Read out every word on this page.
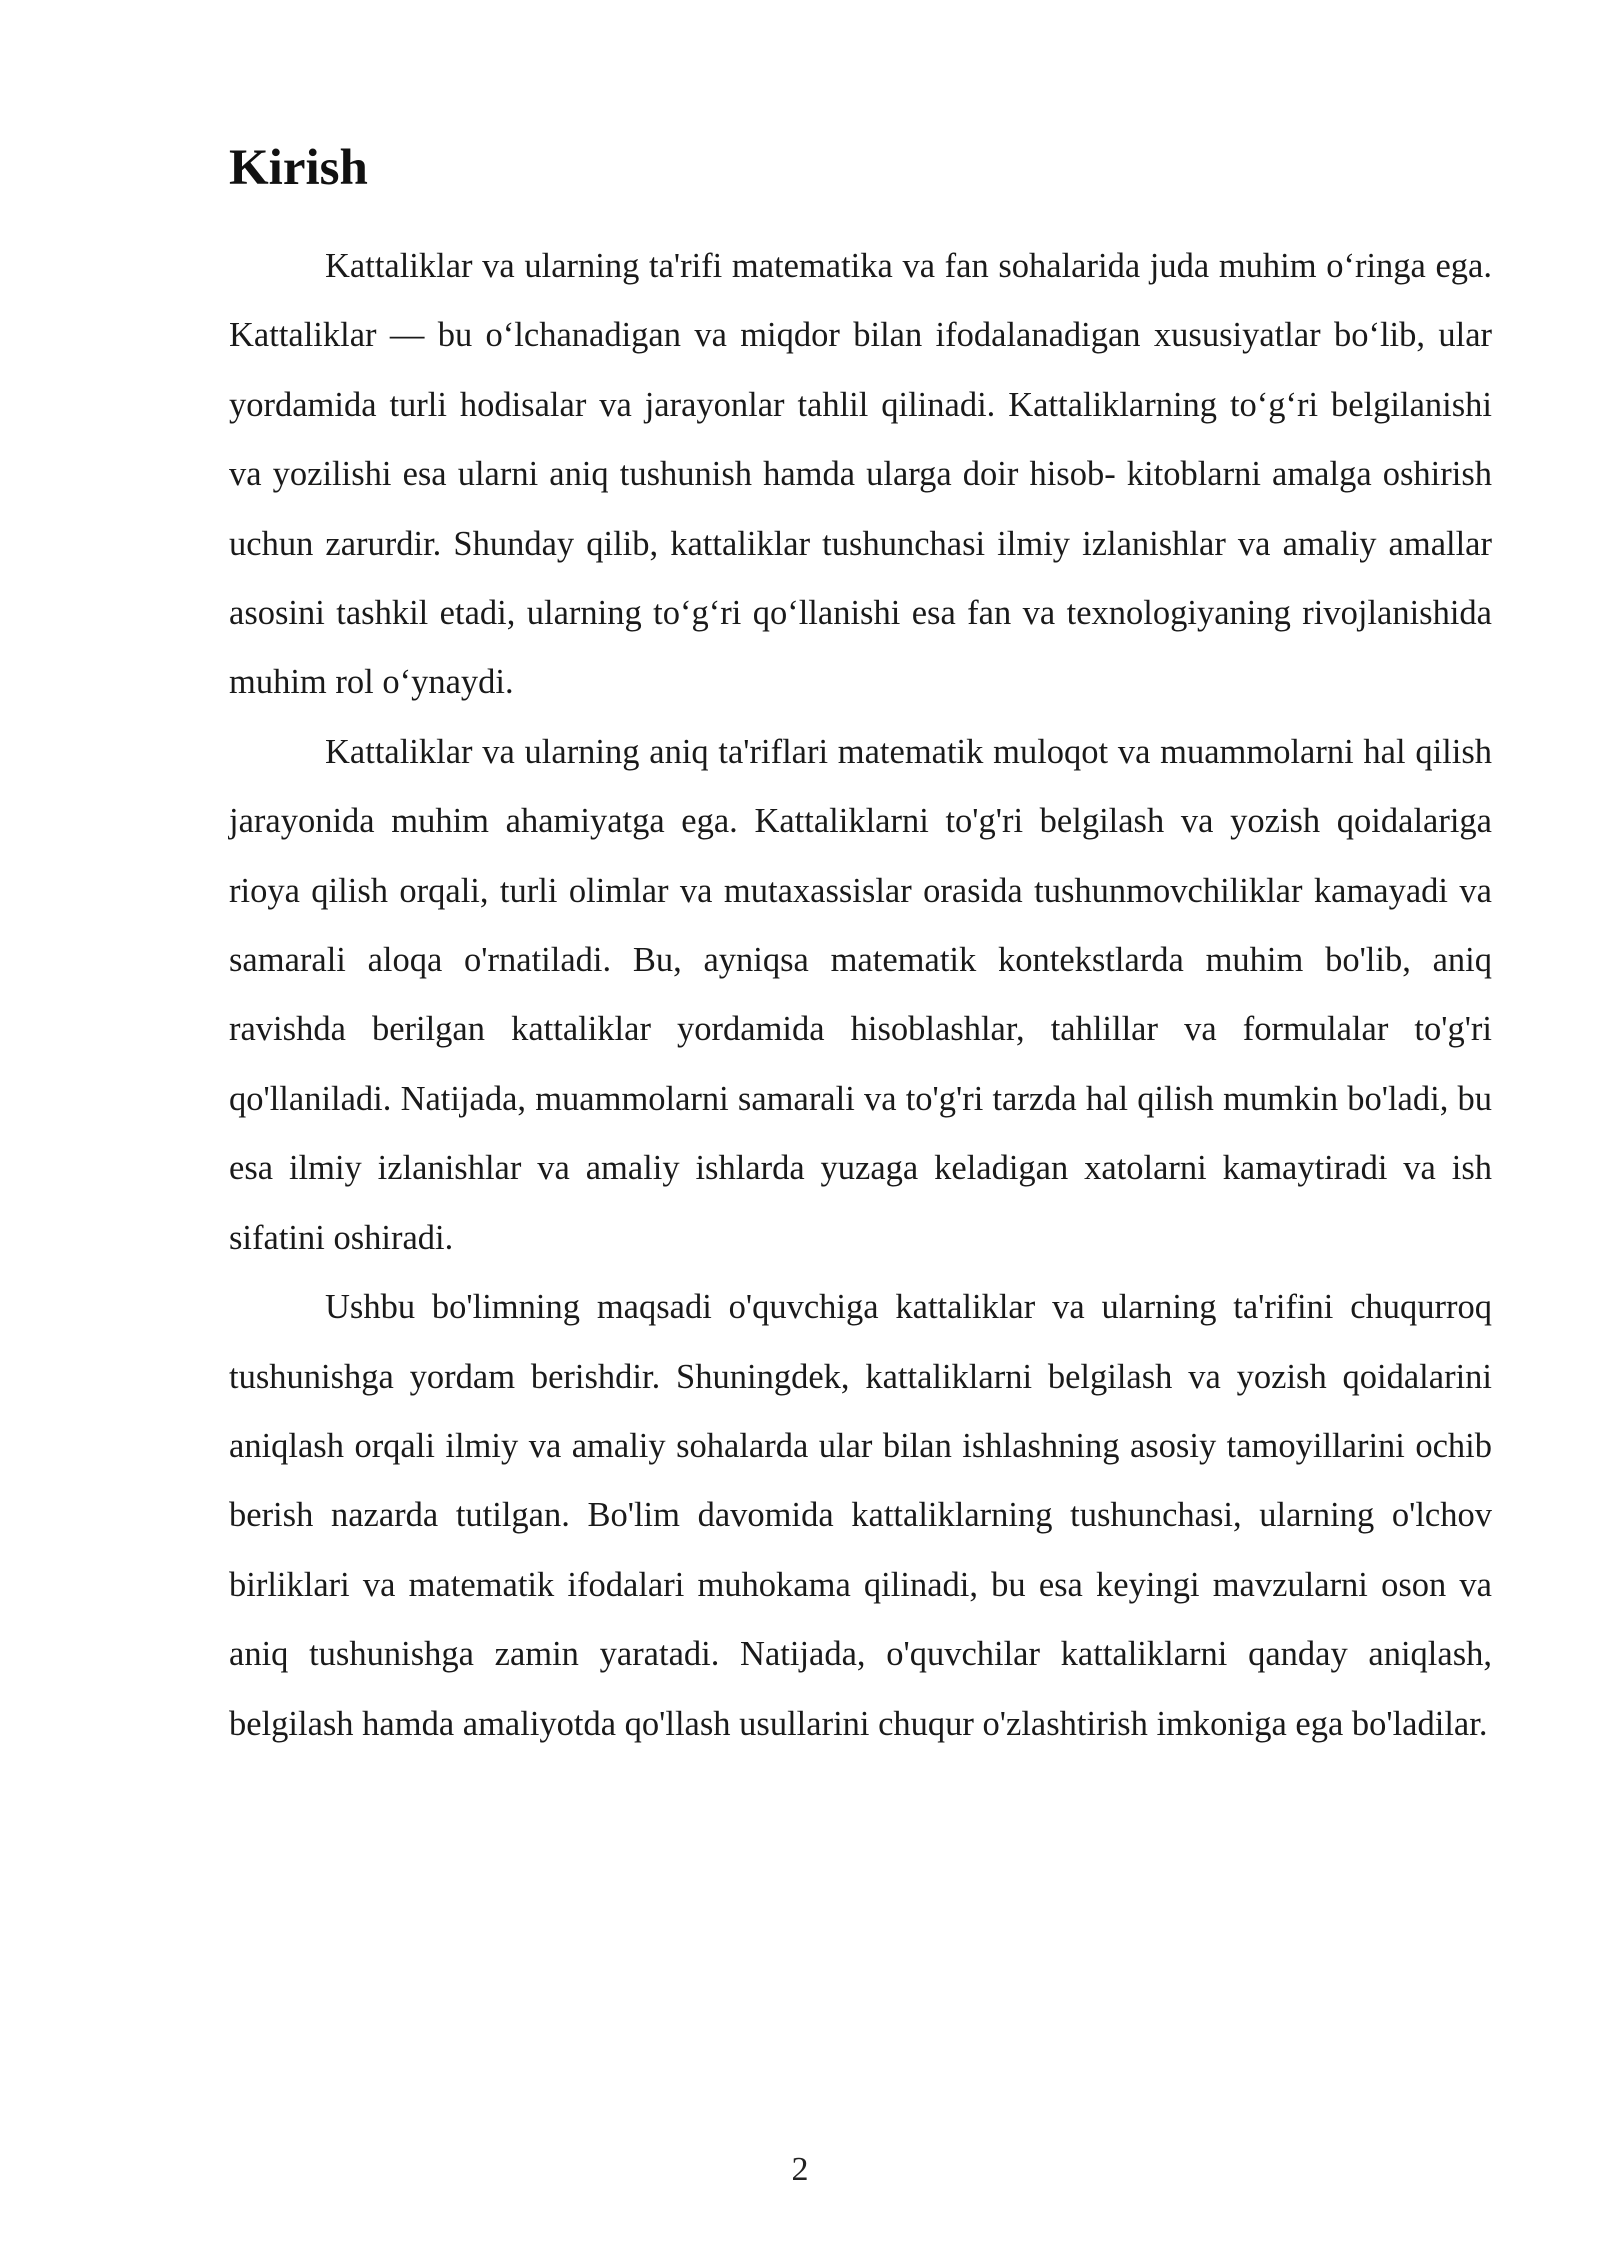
Kirish

Kattaliklar va ularning ta'rifi matematika va fan sohalarida juda muhim o‘ringa ega. Kattaliklar — bu o‘lchanadigan va miqdor bilan ifodalanadigan xususiyatlar bo‘lib, ular yordamida turli hodisalar va jarayonlar tahlil qilinadi. Kattaliklarning to‘g‘ri belgilanishi va yozilishi esa ularni aniq tushunish hamda ularga doir hisob- kitoblarni amalga oshirish uchun zarurdir. Shunday qilib, kattaliklar tushunchasi ilmiy izlanishlar va amaliy amallar asosini tashkil etadi, ularning to‘g‘ri qo‘llanishi esa fan va texnologiyaning rivojlanishida muhim rol o‘ynaydi.

Kattaliklar va ularning aniq ta'riflari matematik muloqot va muammolarni hal qilish jarayonida muhim ahamiyatga ega. Kattaliklarni to'g'ri belgilash va yozish qoidalariga rioya qilish orqali, turli olimlar va mutaxassislar orasida tushunmovchiliklar kamayadi va samarali aloqa o'rnatiladi. Bu, ayniqsa matematik kontekstlarda muhim bo'lib, aniq ravishda berilgan kattaliklar yordamida hisoblashlar, tahlillar va formulalar to'g'ri qo'llaniladi. Natijada, muammolarni samarali va to'g'ri tarzda hal qilish mumkin bo'ladi, bu esa ilmiy izlanishlar va amaliy ishlarda yuzaga keladigan xatolarni kamaytiradi va ish sifatini oshiradi.

Ushbu bo'limning maqsadi o'quvchiga kattaliklar va ularning ta'rifini chuqurroq tushunishga yordam berishdir. Shuningdek, kattaliklarni belgilash va yozish qoidalarini aniqlash orqali ilmiy va amaliy sohalarda ular bilan ishlashning asosiy tamoyillarini ochib berish nazarda tutilgan. Bo'lim davomida kattaliklarning tushunchasi, ularning o'lchov birliklari va matematik ifodalari muhokama qilinadi, bu esa keyingi mavzularni oson va aniq tushunishga zamin yaratadi. Natijada, o'quvchilar kattaliklarni qanday aniqlash, belgilash hamda amaliyotda qo'llash usullarini chuqur o'zlashtirish imkoniga ega bo'ladilar.

2
